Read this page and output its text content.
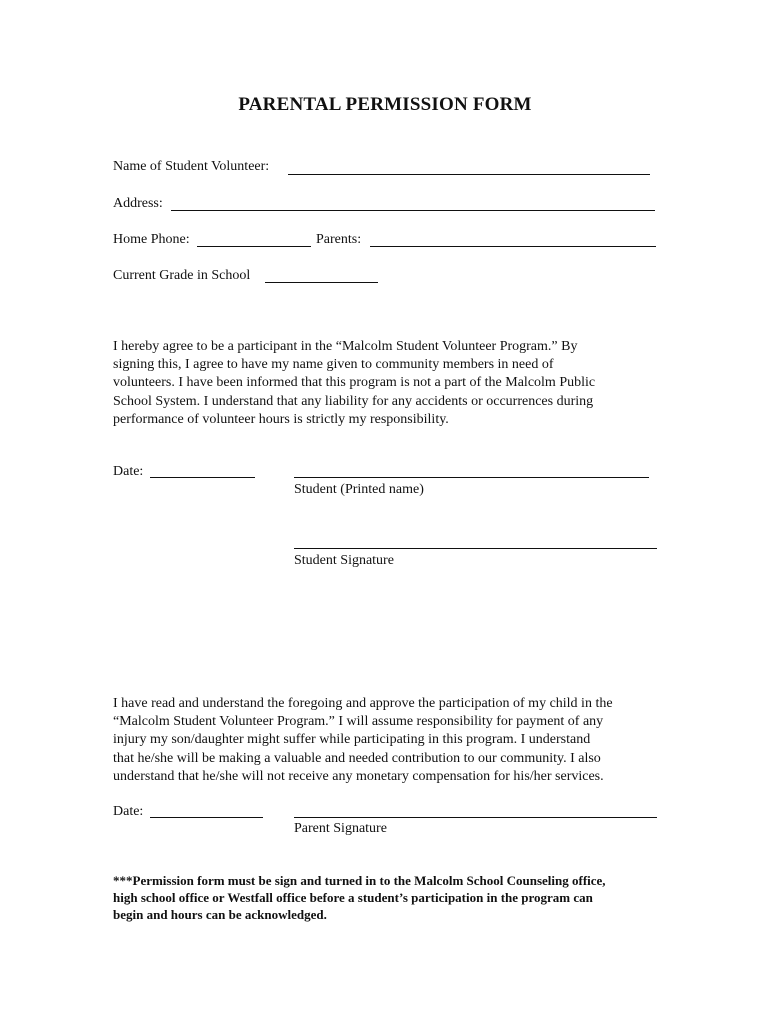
PARENTAL PERMISSION FORM
Name of Student Volunteer:
Address:
Home Phone:	Parents:
Current Grade in School
I hereby agree to be a participant in the “Malcolm Student Volunteer Program.” By
signing this, I agree to have my name given to community members in need of
volunteers. I have been informed that this program is not a part of the Malcolm Public
School System. I understand that any liability for any accidents or occurrences during
performance of volunteer hours is strictly my responsibility.
Date:
Student (Printed name)
Student Signature
I have read and understand the foregoing and approve the participation of my child in the
“Malcolm Student Volunteer Program.” I will assume responsibility for payment of any
injury my son/daughter might suffer while participating in this program. I understand
that he/she will be making a valuable and needed contribution to our community. I also
understand that he/she will not receive any monetary compensation for his/her services.
Date:
Parent Signature
***Permission form must be sign and turned in to the Malcolm School Counseling office,
high school office or Westfall office before a student’s participation in the program can
begin and hours can be acknowledged.
